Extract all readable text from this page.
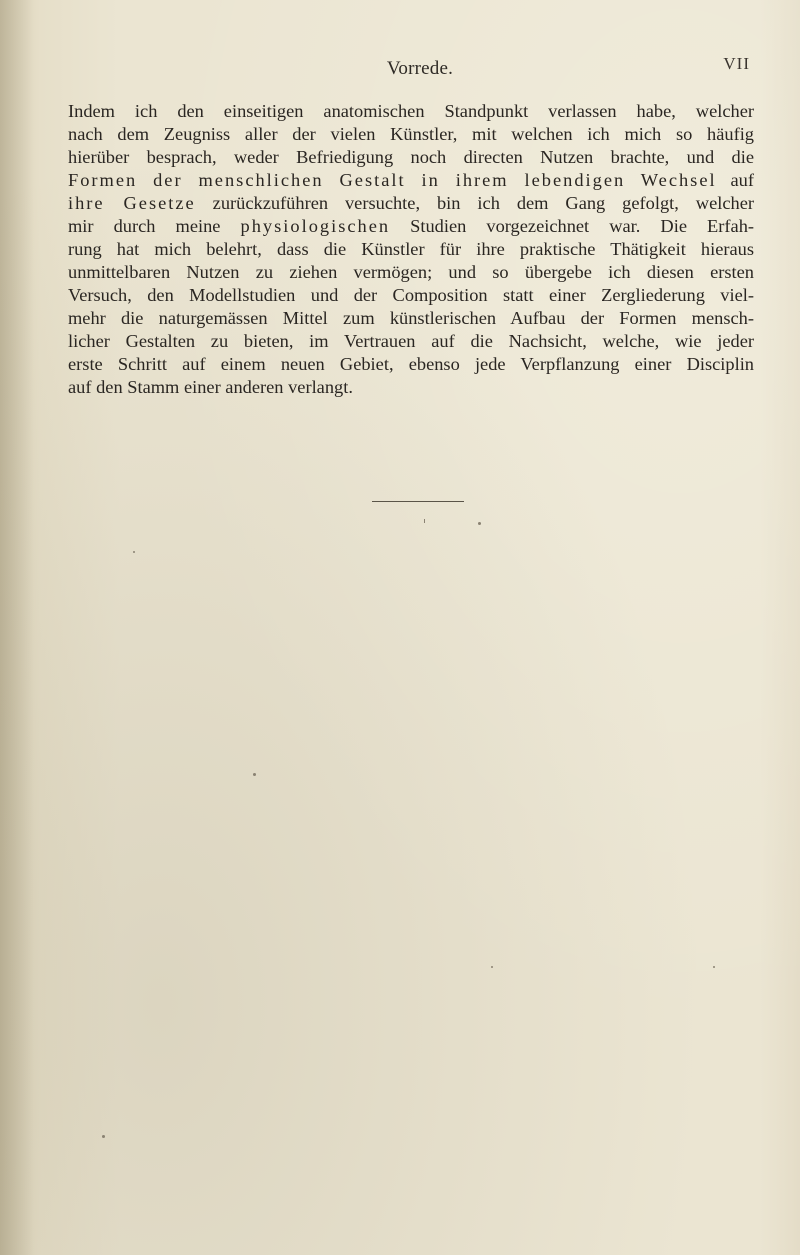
Vorrede.	VII
Indem ich den einseitigen anatomischen Standpunkt verlassen habe, welcher
nach dem Zeugniss aller der vielen Künstler, mit welchen ich mich so häufig
hierüber besprach, weder Befriedigung noch directen Nutzen brachte, und die
Formen der menschlichen Gestalt in ihrem lebendigen Wechsel auf
ihre Gesetze zurückzuführen versuchte, bin ich dem Gang gefolgt, welcher
mir durch meine physiologischen Studien vorgezeichnet war. Die Erfah-
rung hat mich belehrt, dass die Künstler für ihre praktische Thätigkeit hieraus
unmittelbaren Nutzen zu ziehen vermögen; und so übergebe ich diesen ersten
Versuch, den Modellstudien und der Composition statt einer Zergliederung viel-
mehr die naturgemässen Mittel zum künstlerischen Aufbau der Formen mensch-
licher Gestalten zu bieten, im Vertrauen auf die Nachsicht, welche, wie jeder
erste Schritt auf einem neuen Gebiet, ebenso jede Verpflanzung einer Disciplin
auf den Stamm einer anderen verlangt.
